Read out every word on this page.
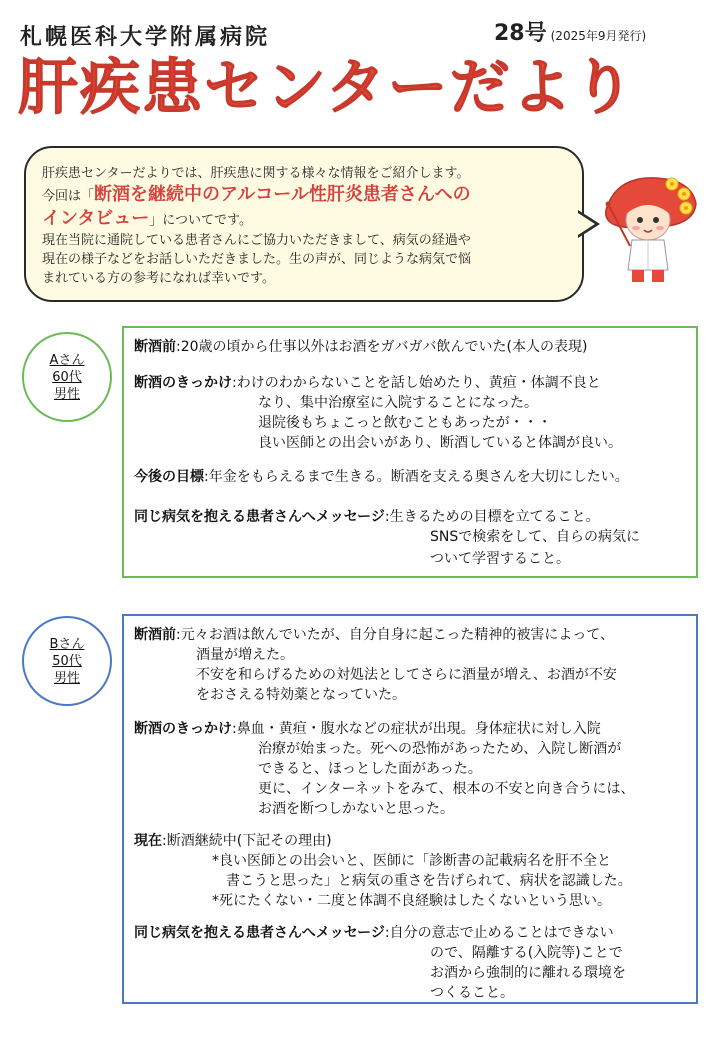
札幌医科大学附属病院	28号 (2025年9月発行)
肝疾患センターだより
肝疾患センターだよりでは、肝疾患に関する様々な情報をご紹介します。
今回は「断酒を継続中のアルコール性肝炎患者さんへの
インタビュー」についてです。
現在当院に通院している患者さんにご協力いただきまして、病気の経過や
現在の様子などをお話しいただきました。生の声が、同じような病気で悩
まれている方の参考になれば幸いです。
Aさん
60代
男性
断酒前:20歳の頃から仕事以外はお酒をガバガバ飲んでいた(本人の表現)
断酒のきっかけ:わけのわからないことを話し始めたり、黄疸・体調不良と
なり、集中治療室に入院することになった。
退院後もちょこっと飲むこともあったが・・・
良い医師との出会いがあり、断酒していると体調が良い。
今後の目標:年金をもらえるまで生きる。断酒を支える奥さんを大切にしたい。
同じ病気を抱える患者さんへメッセージ:生きるための目標を立てること。
SNSで検索をして、自らの病気に
ついて学習すること。
Bさん
50代
男性
断酒前:元々お酒は飲んでいたが、自分自身に起こった精神的被害によって、
酒量が増えた。
不安を和らげるための対処法としてさらに酒量が増え、お酒が不安
をおさえる特効薬となっていた。
断酒のきっかけ:鼻血・黄疸・腹水などの症状が出現。身体症状に対し入院
治療が始まった。死への恐怖があったため、入院し断酒が
できると、ほっとした面があった。
更に、インターネットをみて、根本の不安と向き合うには、
お酒を断つしかないと思った。
現在:断酒継続中(下記その理由)
*良い医師との出会いと、医師に「診断書の記載病名を肝不全と
書こうと思った」と病気の重さを告げられて、病状を認識した。
*死にたくない・二度と体調不良経験はしたくないという思い。
同じ病気を抱える患者さんへメッセージ:自分の意志で止めることはできない
ので、隔離する(入院等)ことで
お酒から強制的に離れる環境を
つくること。
